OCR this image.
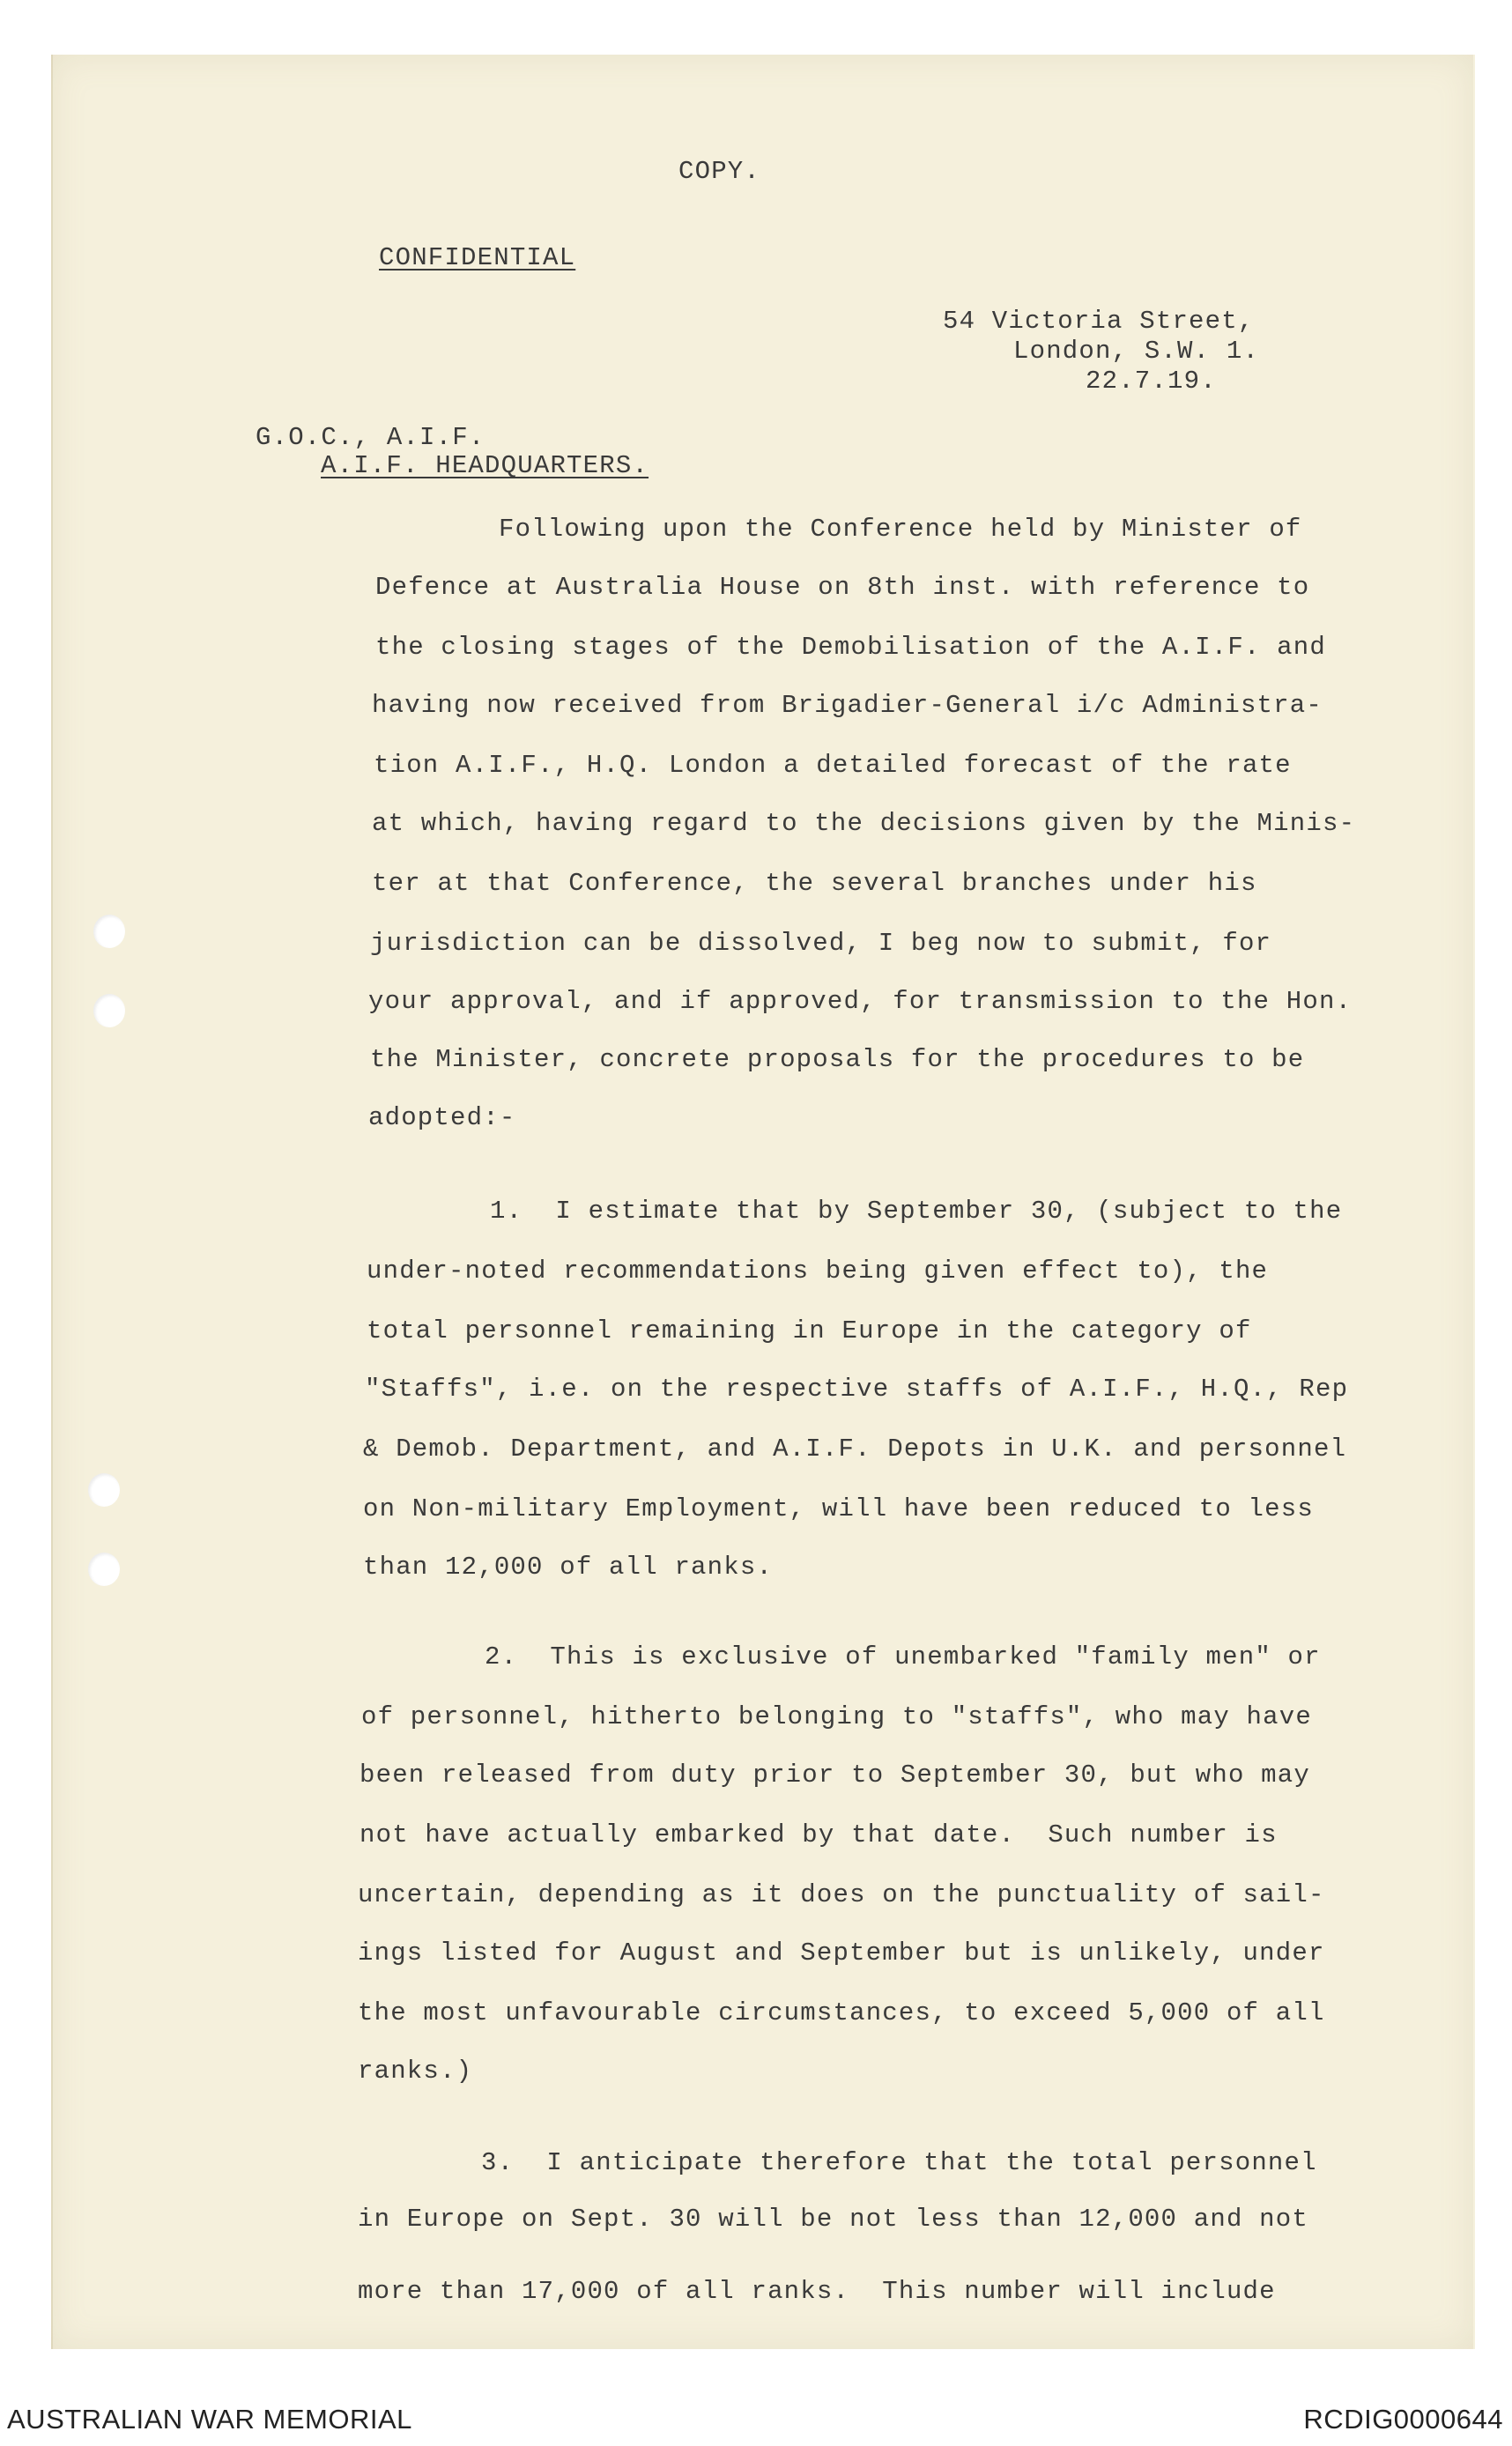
COPY.
CONFIDENTIAL
54 Victoria Street,
London, S.W. 1.
22.7.19.
G.O.C., A.I.F.
A.I.F. HEADQUARTERS.
Following upon the Conference held by Minister of
Defence at Australia House on 8th inst. with reference to
the closing stages of the Demobilisation of the A.I.F. and
having now received from Brigadier-General i/c Administra-
tion A.I.F., H.Q. London a detailed forecast of the rate
at which, having regard to the decisions given by the Minis-
ter at that Conference, the several branches under his
jurisdiction can be dissolved, I beg now to submit, for
your approval, and if approved, for transmission to the Hon.
the Minister, concrete proposals for the procedures to be
adopted:-
1.  I estimate that by September 30, (subject to the
under-noted recommendations being given effect to), the
total personnel remaining in Europe in the category of
"Staffs", i.e. on the respective staffs of A.I.F., H.Q., Rep
& Demob. Department, and A.I.F. Depots in U.K. and personnel
on Non-military Employment, will have been reduced to less
than 12,000 of all ranks.
2.  This is exclusive of unembarked "family men" or
of personnel, hitherto belonging to "staffs", who may have
been released from duty prior to September 30, but who may
not have actually embarked by that date.  Such number is
uncertain, depending as it does on the punctuality of sail-
ings listed for August and September but is unlikely, under
the most unfavourable circumstances, to exceed 5,000 of all
ranks.)
3.  I anticipate therefore that the total personnel
in Europe on Sept. 30 will be not less than 12,000 and not
more than 17,000 of all ranks.  This number will include
AUSTRALIAN WAR MEMORIAL	RCDIG0000644
